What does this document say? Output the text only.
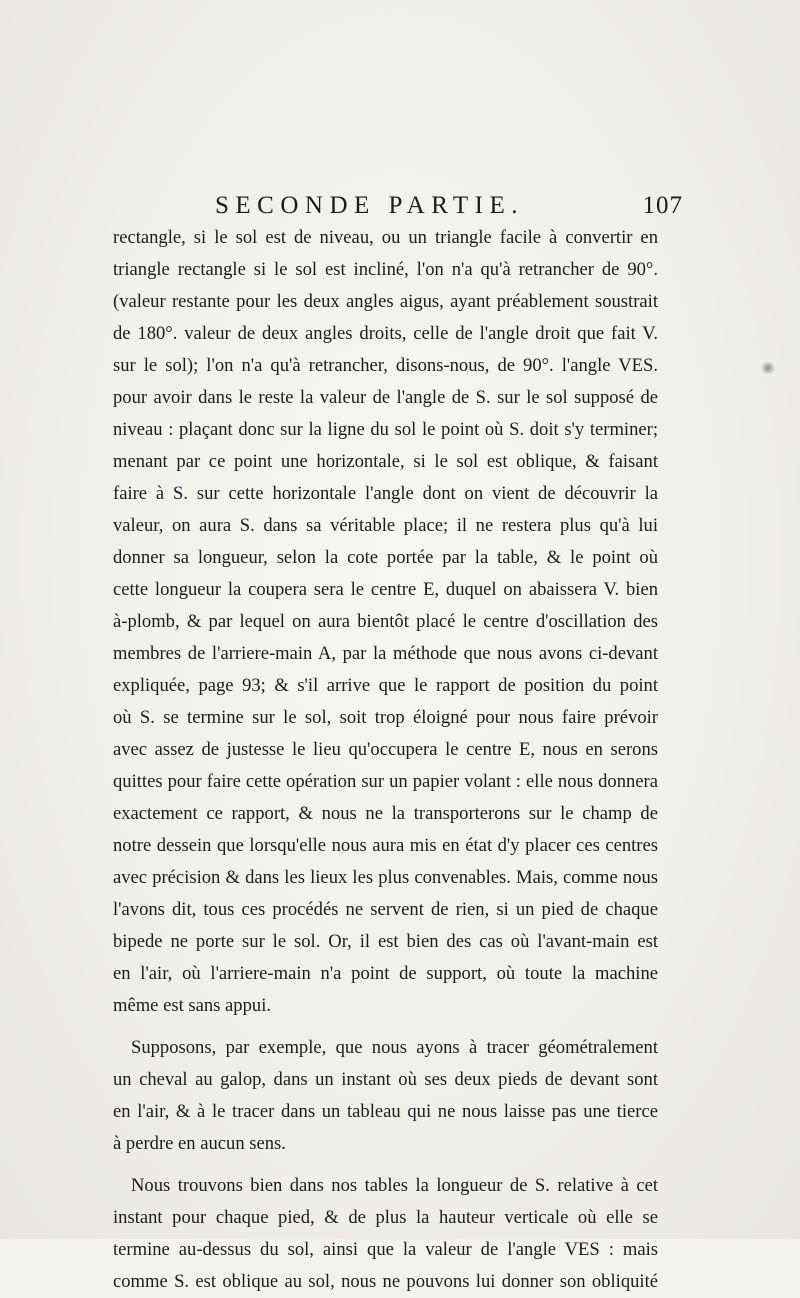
SECONDE PARTIE.	107
rectangle, si le sol est de niveau, ou un triangle facile à convertir en
triangle rectangle si le sol est incliné, l'on n'a qu'à retrancher de 90°.
(valeur restante pour les deux angles aigus, ayant préablement soustrait
de 180°. valeur de deux angles droits, celle de l'angle droit que fait V.
sur le sol); l'on n'a qu'à retrancher, disons-nous, de 90°. l'angle VES.
pour avoir dans le reste la valeur de l'angle de S. sur le sol supposé de
niveau : plaçant donc sur la ligne du sol le point où S. doit s'y terminer;
menant par ce point une horizontale, si le sol est oblique, & faisant
faire à S. sur cette horizontale l'angle dont on vient de découvrir la
valeur, on aura S. dans sa véritable place; il ne restera plus qu'à lui
donner sa longueur, selon la cote portée par la table, & le point où
cette longueur la coupera sera le centre E, duquel on abaissera V. bien
à-plomb, & par lequel on aura bientôt placé le centre d'oscillation des
membres de l'arriere-main A, par la méthode que nous avons ci-devant
expliquée, page 93; & s'il arrive que le rapport de position du point
où S. se termine sur le sol, soit trop éloigné pour nous faire prévoir
avec assez de justesse le lieu qu'occupera le centre E, nous en serons
quittes pour faire cette opération sur un papier volant : elle nous donnera
exactement ce rapport, & nous ne la transporterons sur le champ de
notre dessein que lorsqu'elle nous aura mis en état d'y placer ces centres
avec précision & dans les lieux les plus convenables. Mais, comme nous
l'avons dit, tous ces procédés ne servent de rien, si un pied de chaque
bipede ne porte sur le sol. Or, il est bien des cas où l'avant-main est
en l'air, où l'arriere-main n'a point de support, où toute la machine
même est sans appui.
Supposons, par exemple, que nous ayons à tracer géométralement
un cheval au galop, dans un instant où ses deux pieds de devant sont
en l'air, & à le tracer dans un tableau qui ne nous laisse pas une tierce
à perdre en aucun sens.
Nous trouvons bien dans nos tables la longueur de S. relative à cet
instant pour chaque pied, & de plus la hauteur verticale où elle se
termine au-dessus du sol, ainsi que la valeur de l'angle VES : mais
comme S. est oblique au sol, nous ne pouvons lui donner son obliquité
